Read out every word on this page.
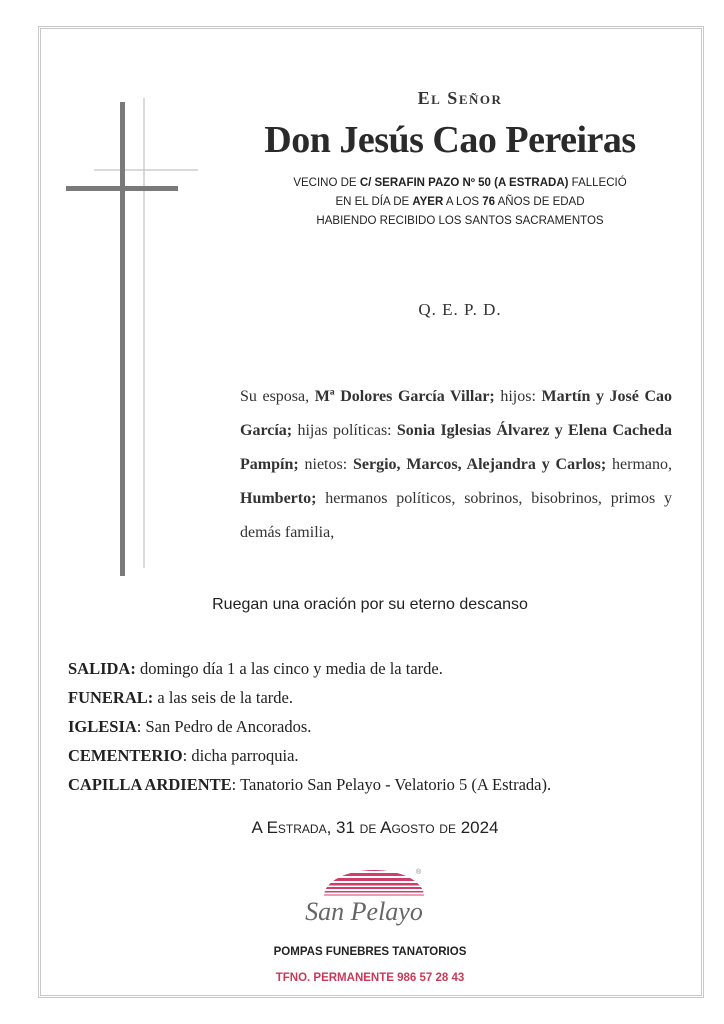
El Señor
Don Jesús Cao Pereiras
VECINO DE C/ SERAFIN PAZO Nº 50 (A ESTRADA) FALLECIÓ
EN EL DÍA DE AYER A LOS 76 AÑOS DE EDAD
HABIENDO RECIBIDO LOS SANTOS SACRAMENTOS
Q. E. P. D.
Su esposa, Mª Dolores García Villar; hijos: Martín y José Cao García; hijas políticas: Sonia Iglesias Álvarez y Elena Cacheda Pampín; nietos: Sergio, Marcos, Alejandra y Carlos; hermano, Humberto; hermanos políticos, sobrinos, bisobrinos, primos y demás familia,
Ruegan una oración por su eterno descanso
SALIDA: domingo día 1 a las cinco y media de la tarde.
FUNERAL: a las seis de la tarde.
IGLESIA: San Pedro de Ancorados.
CEMENTERIO: dicha parroquia.
CAPILLA ARDIENTE: Tanatorio San Pelayo - Velatorio 5 (A Estrada).
A Estrada, 31 de Agosto de 2024
®
San Pelayo
POMPAS FUNEBRES TANATORIOS
TFNO. PERMANENTE 986 57 28 43
